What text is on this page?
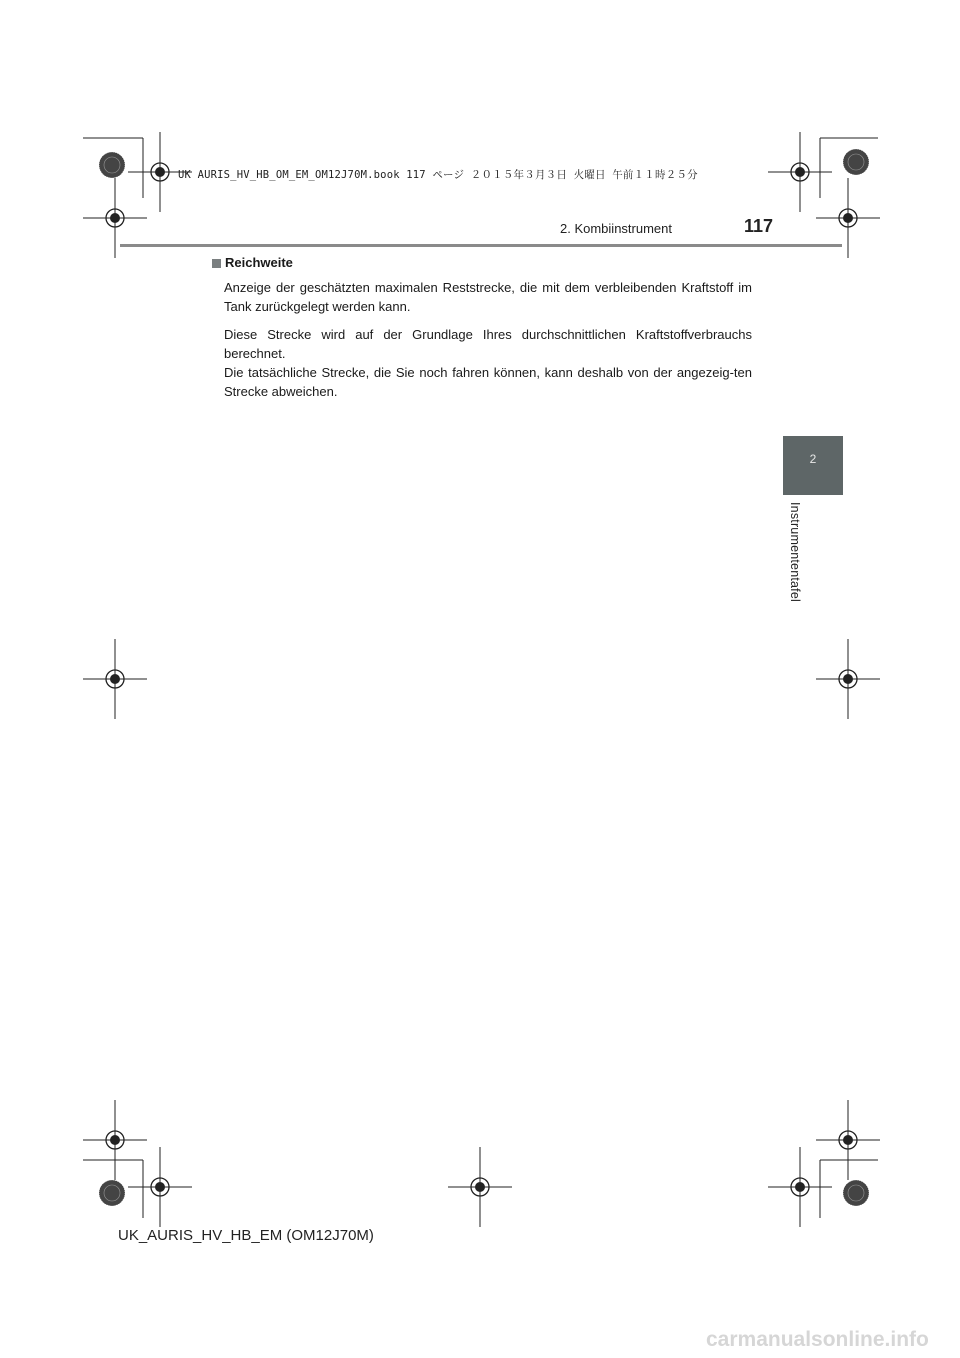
UK AURIS_HV_HB_OM_EM_OM12J70M.book 117 ページ ２０１５年３月３日 火曜日 午前１１時２５分
2. Kombiinstrument	117
2
Instrumententafel
Reichweite

Anzeige der geschätzten maximalen Reststrecke, die mit dem verbleibenden Kraftstoff im Tank zurückgelegt werden kann.

Diese Strecke wird auf der Grundlage Ihres durchschnittlichen Kraftstoffverbrauchs berechnet.
Die tatsächliche Strecke, die Sie noch fahren können, kann deshalb von der angezeig-ten Strecke abweichen.

UK_AURIS_HV_HB_EM (OM12J70M)
carmanualsonline.info
